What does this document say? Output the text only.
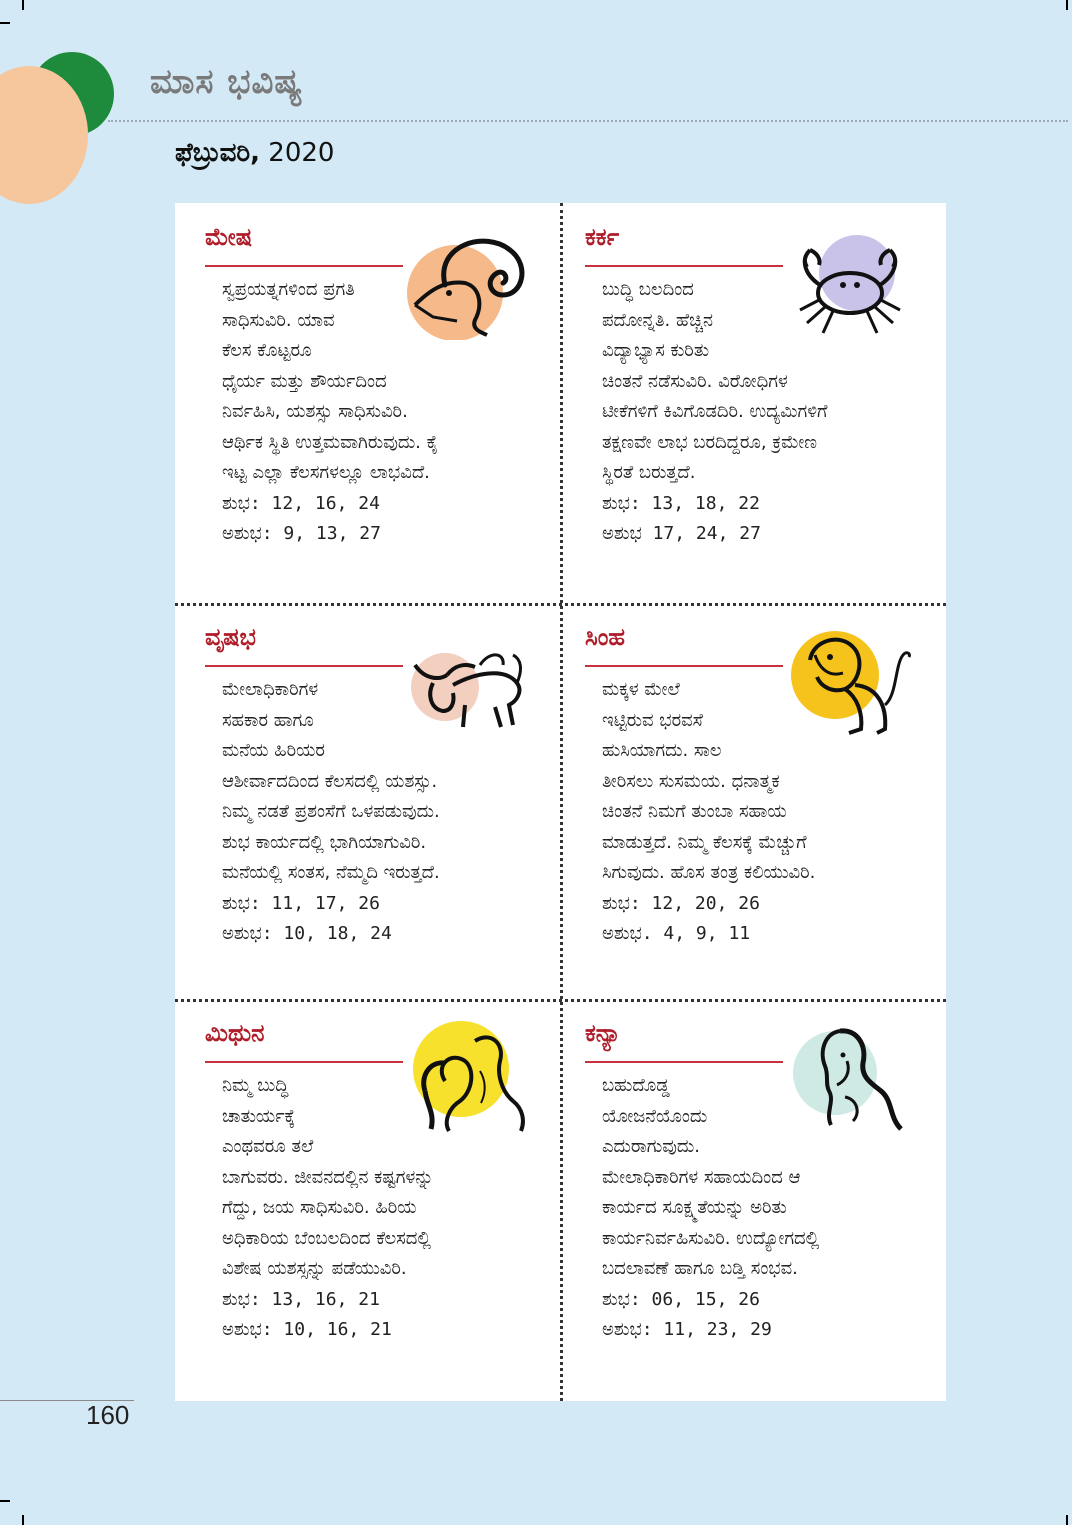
ಮಾಸ ಭವಿಷ್ಯ
ಫೆಬ್ರುವರಿ, 2020
ಮೇಷ

ಸ್ವಪ್ರಯತ್ನಗಳಿಂದ ಪ್ರಗತಿ

ಸಾಧಿಸುವಿರಿ. ಯಾವ

ಕೆಲಸ ಕೊಟ್ಟರೂ

ಧೈರ್ಯ ಮತ್ತು ಶೌರ್ಯದಿಂದ

ನಿರ್ವಹಿಸಿ, ಯಶಸ್ಸು ಸಾಧಿಸುವಿರಿ.

ಆರ್ಥಿಕ ಸ್ಥಿತಿ ಉತ್ತಮವಾಗಿರುವುದು. ಕೈ

ಇಟ್ಟ ಎಲ್ಲಾ ಕೆಲಸಗಳಲ್ಲೂ ಲಾಭವಿದೆ.

ಶುಭ: 12, 16, 24

ಅಶುಭ: 9, 13, 27

ಕರ್ಕ

ಬುದ್ಧಿ ಬಲದಿಂದ

ಪದೋನ್ನತಿ. ಹೆಚ್ಚಿನ

ವಿದ್ಯಾಭ್ಯಾಸ ಕುರಿತು

ಚಿಂತನೆ ನಡೆಸುವಿರಿ. ವಿರೋಧಿಗಳ

ಟೀಕೆಗಳಿಗೆ ಕಿವಿಗೊಡದಿರಿ. ಉದ್ಯಮಿಗಳಿಗೆ

ತಕ್ಷಣವೇ ಲಾಭ ಬರದಿದ್ದರೂ, ಕ್ರಮೇಣ

ಸ್ಥಿರತೆ ಬರುತ್ತದೆ.

ಶುಭ: 13, 18, 22

ಅಶುಭ 17, 24, 27

ವೃಷಭ

ಮೇಲಾಧಿಕಾರಿಗಳ

ಸಹಕಾರ ಹಾಗೂ

ಮನೆಯ ಹಿರಿಯರ

ಆಶೀರ್ವಾದದಿಂದ ಕೆಲಸದಲ್ಲಿ ಯಶಸ್ಸು.

ನಿಮ್ಮ ನಡತೆ ಪ್ರಶಂಸೆಗೆ ಒಳಪಡುವುದು.

ಶುಭ ಕಾರ್ಯದಲ್ಲಿ ಭಾಗಿಯಾಗುವಿರಿ.

ಮನೆಯಲ್ಲಿ ಸಂತಸ, ನೆಮ್ಮದಿ ಇರುತ್ತದೆ.

ಶುಭ: 11, 17, 26

ಅಶುಭ: 10, 18, 24

ಸಿಂಹ

ಮಕ್ಕಳ ಮೇಲೆ

ಇಟ್ಟಿರುವ ಭರವಸೆ

ಹುಸಿಯಾಗದು. ಸಾಲ

ತೀರಿಸಲು ಸುಸಮಯ. ಧನಾತ್ಮಕ

ಚಿಂತನೆ ನಿಮಗೆ ತುಂಬಾ ಸಹಾಯ

ಮಾಡುತ್ತದೆ. ನಿಮ್ಮ ಕೆಲಸಕ್ಕೆ ಮೆಚ್ಚುಗೆ

ಸಿಗುವುದು. ಹೊಸ ತಂತ್ರ ಕಲಿಯುವಿರಿ.

ಶುಭ: 12, 20, 26

ಅಶುಭ. 4, 9, 11

ಮಿಥುನ

ನಿಮ್ಮ ಬುದ್ಧಿ

ಚಾತುರ್ಯಕ್ಕೆ

ಎಂಥವರೂ ತಲೆ

ಬಾಗುವರು. ಜೀವನದಲ್ಲಿನ ಕಷ್ಟಗಳನ್ನು

ಗೆದ್ದು, ಜಯ ಸಾಧಿಸುವಿರಿ. ಹಿರಿಯ

ಅಧಿಕಾರಿಯ ಬೆಂಬಲದಿಂದ ಕೆಲಸದಲ್ಲಿ

ವಿಶೇಷ ಯಶಸ್ಸನ್ನು ಪಡೆಯುವಿರಿ.

ಶುಭ: 13, 16, 21

ಅಶುಭ: 10, 16, 21

ಕನ್ಯಾ

ಬಹುದೊಡ್ಡ

ಯೋಜನೆಯೊಂದು

ಎದುರಾಗುವುದು.

ಮೇಲಾಧಿಕಾರಿಗಳ ಸಹಾಯದಿಂದ ಆ

ಕಾರ್ಯದ ಸೂಕ್ಷ್ಮತೆಯನ್ನು ಅರಿತು

ಕಾರ್ಯನಿರ್ವಹಿಸುವಿರಿ. ಉದ್ಯೋಗದಲ್ಲಿ

ಬದಲಾವಣೆ ಹಾಗೂ ಬಡ್ತಿ ಸಂಭವ.

ಶುಭ: 06, 15, 26

ಅಶುಭ: 11, 23, 29

160
